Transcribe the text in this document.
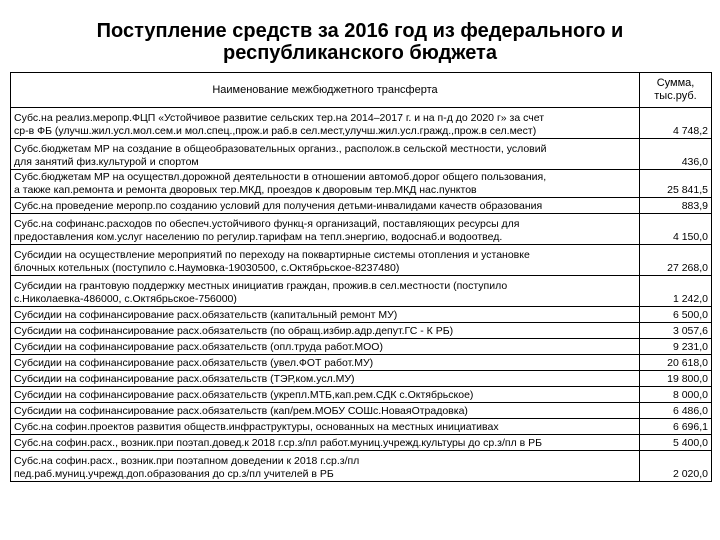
Поступление средств за 2016 год из федерального и
республиканского бюджета
Наименование межбюджетного трансферта	Сумма,
тыс.руб.

Субс.на реализ.меропр.ФЦП «Устойчивое развитие сельских тер.на 2014–2017 г. и на п-д до 2020 г» за счет
ср-в ФБ (улучш.жил.усл.мол.сем.и мол.спец.,прож.и раб.в сел.мест,улучш.жил.усл.гражд.,прож.в сел.мест)	4 748,2

Субс.бюджетам МР на создание в общеобразовательных организ., располож.в сельской местности, условий
для занятий физ.культурой и спортом	436,0

Субс.бюджетам МР на осуществл.дорожной деятельности в отношении автомоб.дорог общего пользования,
а также кап.ремонта и ремонта дворовых тер.МКД, проездов к дворовым тер.МКД нас.пунктов	25 841,5

Субс.на проведение меропр.по созданию условий для получения детьми-инвалидами качеств образования	883,9

Субс.на софинанс.расходов по обеспеч.устойчивого функц-я организаций, поставляющих ресурсы для
предоставления ком.услуг населению по регулир.тарифам на тепл.энергию, водоснаб.и водоотвед.	4 150,0

Субсидии на осуществление мероприятий по переходу на поквартирные системы отопления и установке
блочных котельных (поступило с.Наумовка-19030500, с.Октябрьское-8237480)	27 268,0

Субсидии на грантовую поддержку местных инициатив граждан, прожив.в сел.местности (поступило
с.Николаевка-486000, с.Октябрьское-756000)	1 242,0

Субсидии на софинансирование расх.обязательств (капитальный ремонт МУ)	6 500,0

Субсидии на софинансирование расх.обязательств (по обращ.избир.адр.депут.ГС - К РБ)	3 057,6

Субсидии на софинансирование расх.обязательств (опл.труда работ.МОО)	9 231,0

Субсидии на софинансирование расх.обязательств (увел.ФОТ работ.МУ)	20 618,0

Субсидии на софинансирование расх.обязательств (ТЭР,ком.усл.МУ)	19 800,0

Субсидии на софинансирование расх.обязательств (укрепл.МТБ,кап.рем.СДК с.Октябрьское)	8 000,0

Субсидии на софинансирование расх.обязательств (кап/рем.МОБУ СОШс.НоваяОтрадовка)	6 486,0

Субс.на софин.проектов развития обществ.инфраструктуры, основанных на местных инициативах	6 696,1

Субс.на софин.расх., возник.при поэтап.довед.к 2018 г.ср.з/пл работ.муниц.учрежд.культуры до ср.з/пл в РБ	5 400,0

Субс.на софин.расх., возник.при поэтапном доведении к 2018 г.ср.з/пл
пед.раб.муниц.учрежд.доп.образования до ср.з/пл учителей в РБ	2 020,0
